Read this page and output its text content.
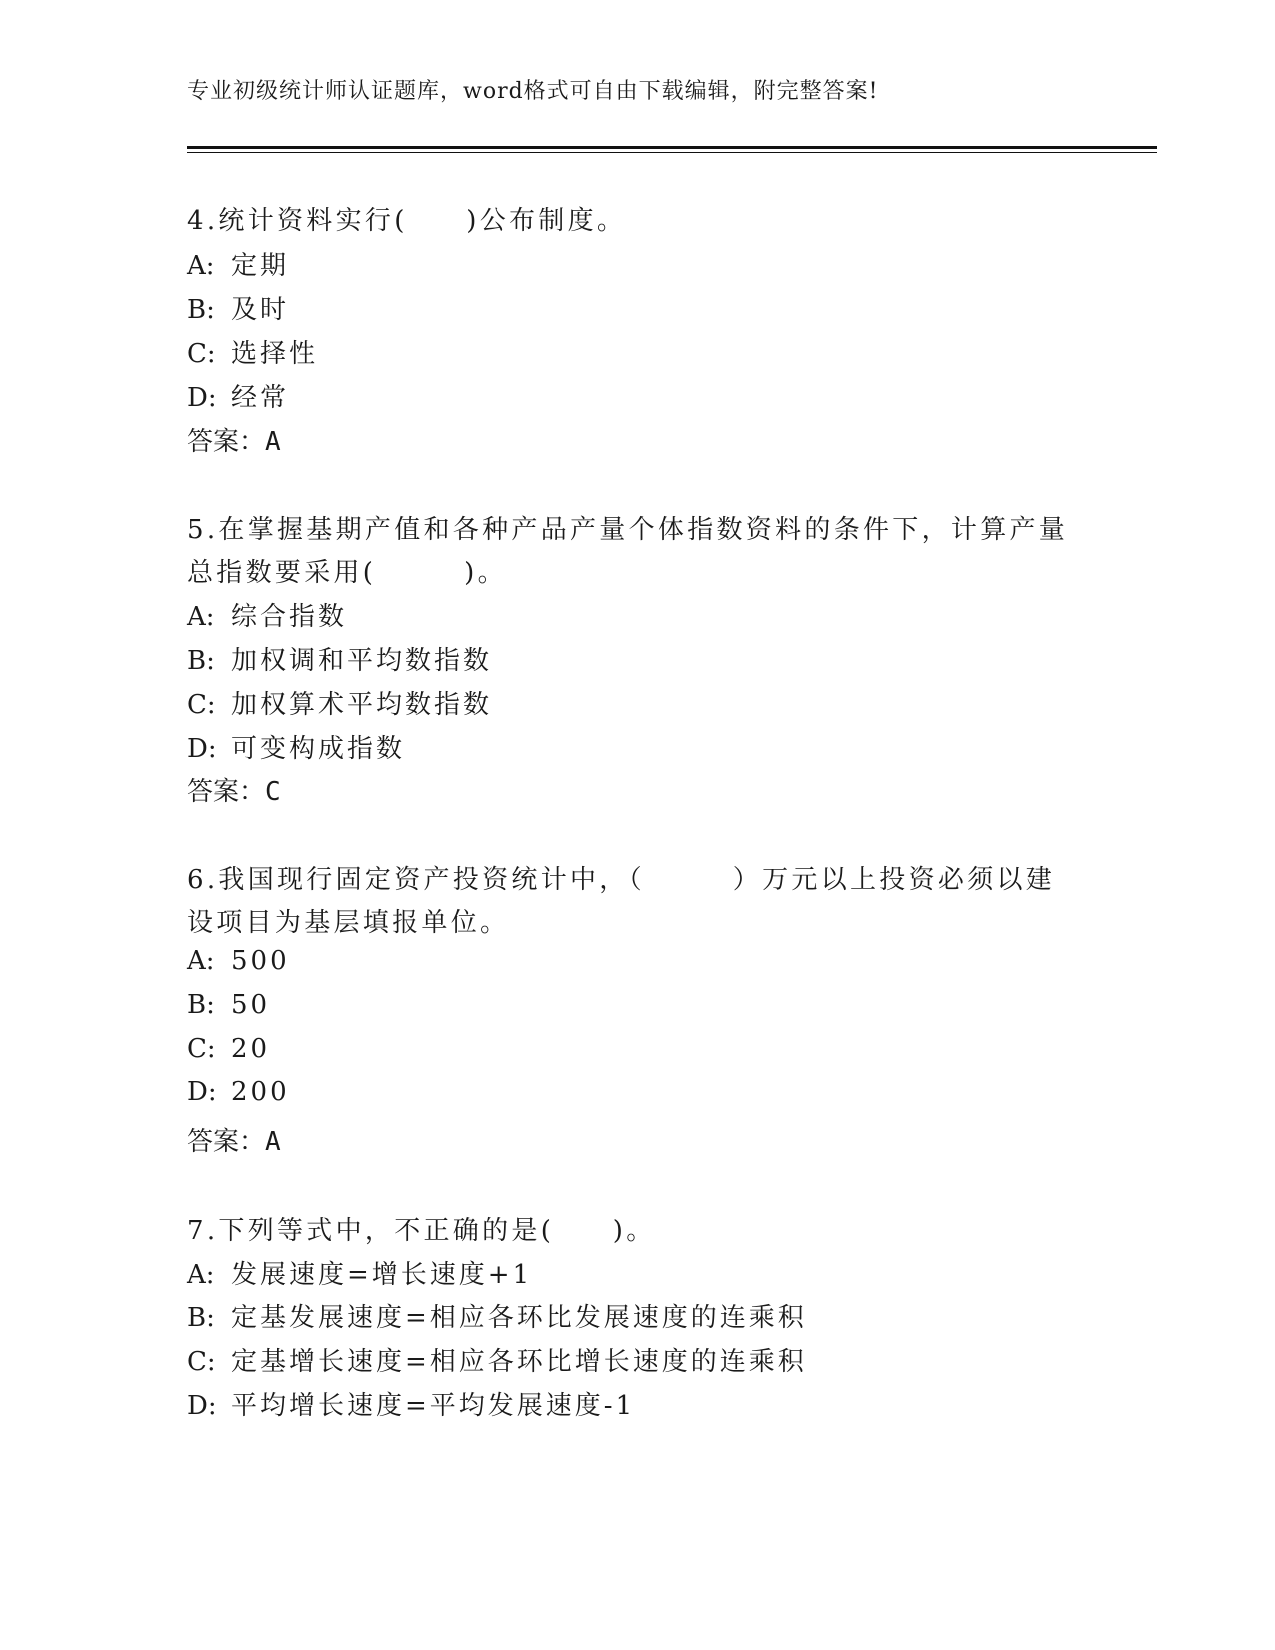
专业初级统计师认证题库，word格式可自由下载编辑，附完整答案!
4.统计资料实行(　　)公布制度。
A: 定期
B: 及时
C: 选择性
D: 经常
答案：A
5.在掌握基期产值和各种产品产量个体指数资料的条件下，计算产量
总指数要采用(　　　)。
A: 综合指数
B: 加权调和平均数指数
C: 加权算术平均数指数
D: 可变构成指数
答案：C
6.我国现行固定资产投资统计中，（　　　）万元以上投资必须以建
设项目为基层填报单位。
A: 500
B: 50
C: 20
D: 200
答案：A
7.下列等式中，不正确的是(　　)。
A: 发展速度=增长速度+1
B: 定基发展速度=相应各环比发展速度的连乘积
C: 定基增长速度=相应各环比增长速度的连乘积
D: 平均增长速度=平均发展速度-1
